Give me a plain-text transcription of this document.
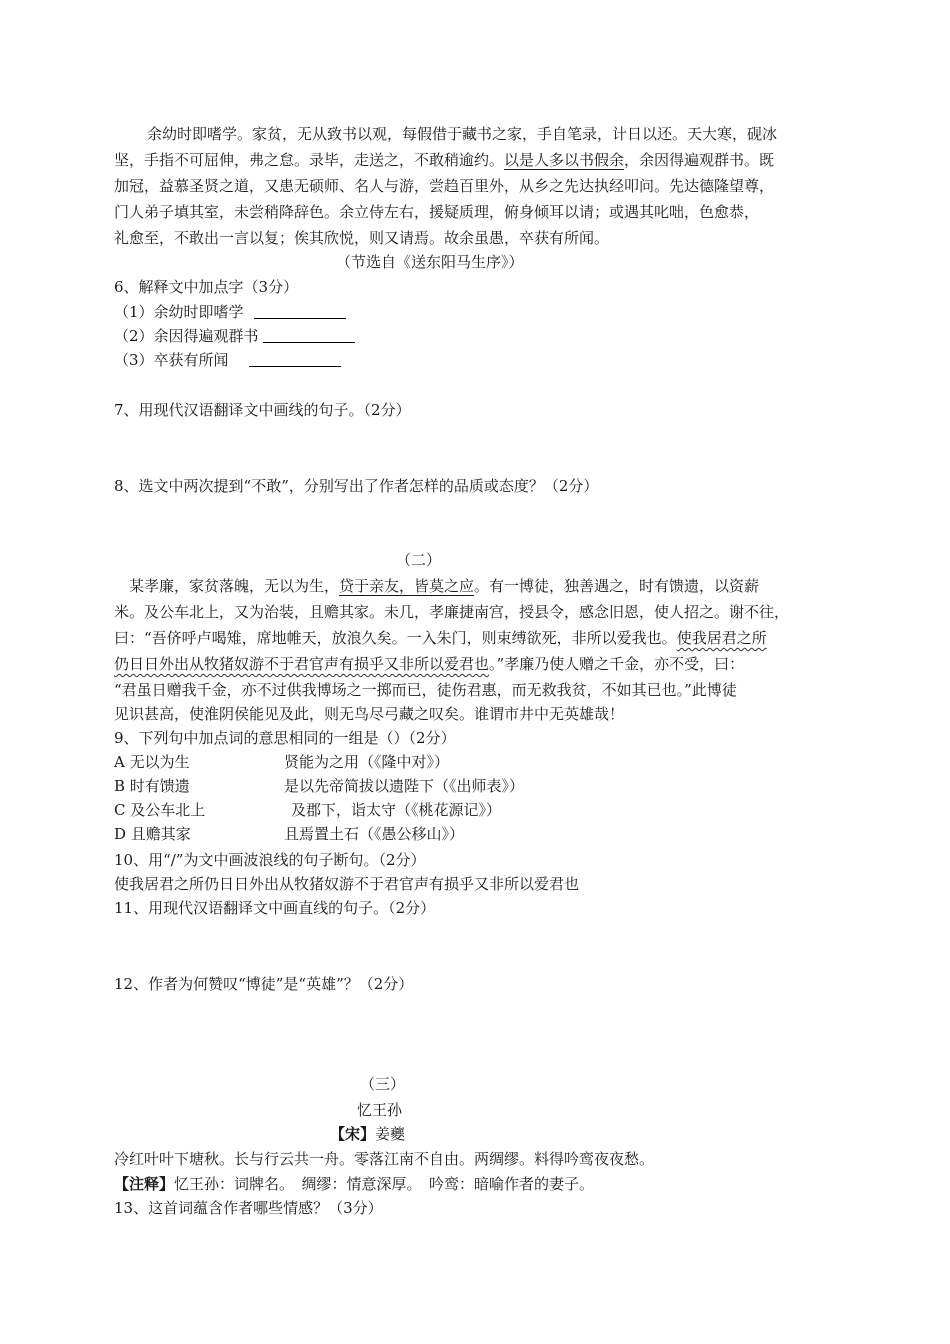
余幼时即嗜学。家贫，无从致书以观，每假借于藏书之家，手自笔录，计日以还。天大寒，砚冰
坚，手指不可屈伸，弗之怠。录毕，走送之，不敢稍逾约。以是人多以书假余，余因得遍观群书。既
加冠，益慕圣贤之道，又患无硕师、名人与游，尝趋百里外，从乡之先达执经叩问。先达德隆望尊，
门人弟子填其室，未尝稍降辞色。余立侍左右，援疑质理，俯身倾耳以请；或遇其叱咄，色愈恭，
礼愈至，不敢出一言以复；俟其欣悦，则又请焉。故余虽愚，卒获有所闻。
（节选自《送东阳马生序》）
6、解释文中加点字（3分）
（1）余幼时即嗜学
（2）余因得遍观群书
（3）卒获有所闻
7、用现代汉语翻译文中画线的句子。（2分）
8、选文中两次提到“不敢”，分别写出了作者怎样的品质或态度？（2分）
（二）
某孝廉，家贫落魄，无以为生，贷于亲友，皆莫之应。有一博徒，独善遇之，时有馈遗，以资薪
米。及公车北上，又为治装，且赡其家。未几，孝廉捷南宫，授县令，感念旧恩，使人招之。谢不往，
曰：“吾侪呼卢喝雉，席地帷天，放浪久矣。一入朱门，则束缚欲死，非所以爱我也。使我居君之所
仍日日外出从牧猪奴游不于君官声有损乎又非所以爱君也。”孝廉乃使人赠之千金，亦不受，曰：
“君虽日赠我千金，亦不过供我博场之一掷而已，徒伤君惠，而无救我贫，不如其已也。”此博徒
见识甚高，使淮阴侯能见及此，则无鸟尽弓藏之叹矣。谁谓市井中无英雄哉！
9、下列句中加点词的意思相同的一组是（）（2分）
A 无以为生	贤能为之用（《隆中对》）
B 时有馈遗	是以先帝简拔以遗陛下（《出师表》）
C 及公车北上	及郡下，诣太守（《桃花源记》）
D 且赡其家	且焉置土石（《愚公移山》）
10、用“/”为文中画波浪线的句子断句。（2分）
使我居君之所仍日日外出从牧猪奴游不于君官声有损乎又非所以爱君也
11、用现代汉语翻译文中画直线的句子。（2分）
12、作者为何赞叹“博徒”是“英雄”？（2分）
（三）
忆王孙
【宋】姜夔
冷红叶叶下塘秋。长与行云共一舟。零落江南不自由。两绸缪。料得吟鸾夜夜愁。
【注释】忆王孙：词牌名。　绸缪：情意深厚。　吟鸾：暗喻作者的妻子。
13、这首词蕴含作者哪些情感？（3分）
